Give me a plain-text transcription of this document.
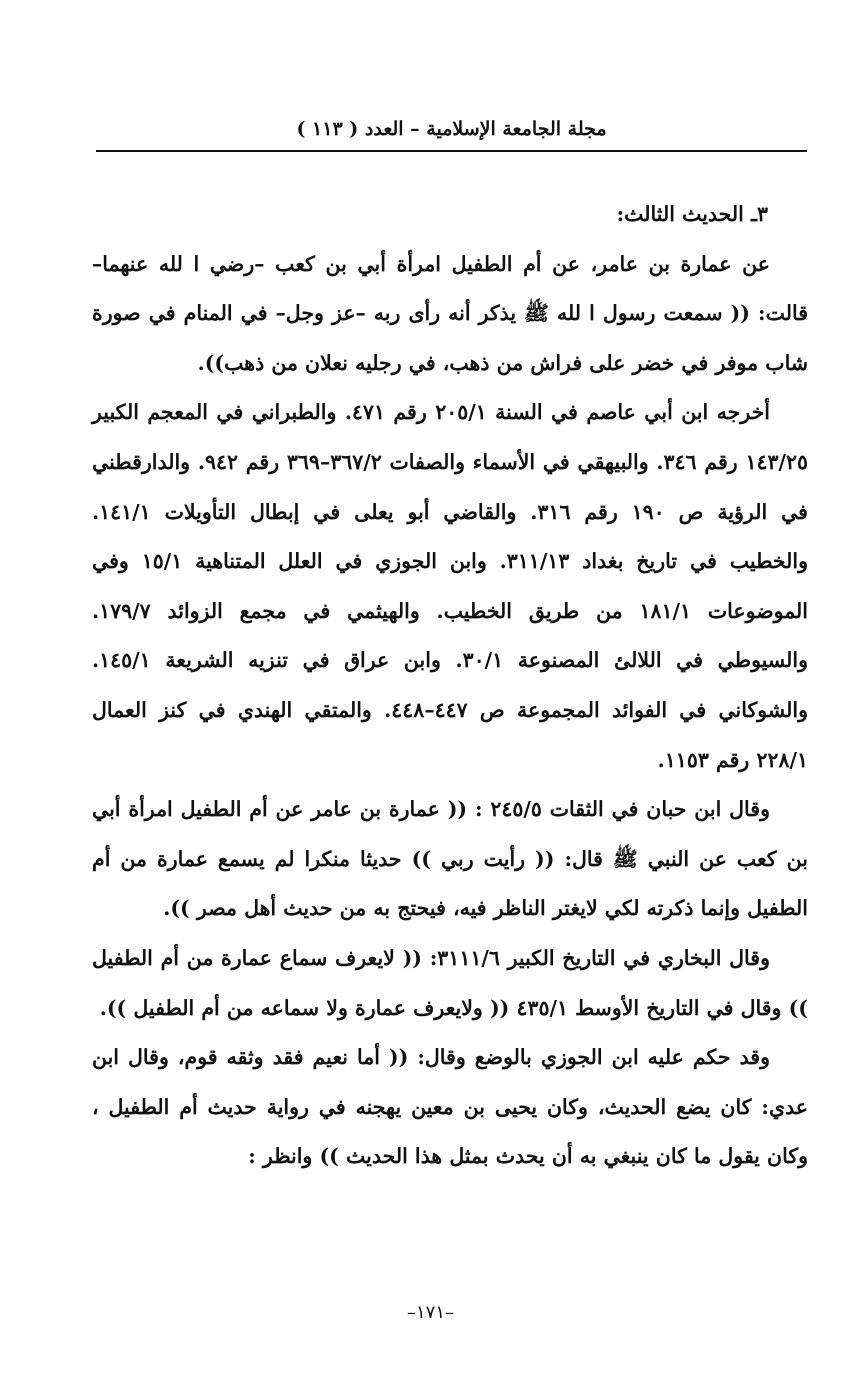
مجلة الجامعة الإسلامية – العدد ( ١١٣ )

٣ـ الحديث الثالث:

عن عمارة بن عامر، عن أم الطفيل امرأة أبي بن كعب –رضي ا لله عنهما– قالت: (( سمعت رسول ا لله ﷺ يذكر أنه رأى ربه –عز وجل– في المنام في صورة شاب موفر في خضر على فراش من ذهب، في رجليه نعلان من ذهب)).

أخرجه ابن أبي عاصم في السنة ٢٠٥/١ رقم ٤٧١. والطبراني في المعجم الكبير ١٤٣/٢٥ رقم ٣٤٦. والبيهقي في الأسماء والصفات ٣٦٧/٢–٣٦٩ رقم ٩٤٢. والدارقطني في الرؤية ص ١٩٠ رقم ٣١٦. والقاضي أبو يعلى في إبطال التأويلات ١٤١/١. والخطيب في تاريخ بغداد ٣١١/١٣. وابن الجوزي في العلل المتناهية ١٥/١ وفي الموضوعات ١٨١/١ من طريق الخطيب. والهيثمي في مجمع الزوائد ١٧٩/٧. والسيوطي في اللالئ المصنوعة ٣٠/١. وابن عراق في تنزيه الشريعة ١٤٥/١. والشوكاني في الفوائد المجموعة ص ٤٤٧–٤٤٨. والمتقي الهندي في كنز العمال ٢٢٨/١ رقم ١١٥٣.

وقال ابن حبان في الثقات ٢٤٥/٥ : (( عمارة بن عامر عن أم الطفيل امرأة أبي بن كعب عن النبي ﷺ قال: (( رأيت ربي )) حديثا منكرا لم يسمع عمارة من أم الطفيل وإنما ذكرته لكي لايغتر الناظر فيه، فيحتج به من حديث أهل مصر )).

وقال البخاري في التاريخ الكبير ٣١١١/٦: (( لايعرف سماع عمارة من أم الطفيل )) وقال في التاريخ الأوسط ٤٣٥/١ (( ولايعرف عمارة ولا سماعه من أم الطفيل )).

وقد حكم عليه ابن الجوزي بالوضع وقال: (( أما نعيم فقد وثقه قوم، وقال ابن عدي: كان يضع الحديث، وكان يحيى بن معين يهجنه في رواية حديث أم الطفيل ، وكان يقول ما كان ينبغي به أن يحدث بمثل هذا الحديث )) وانظر :

–١٧١–
